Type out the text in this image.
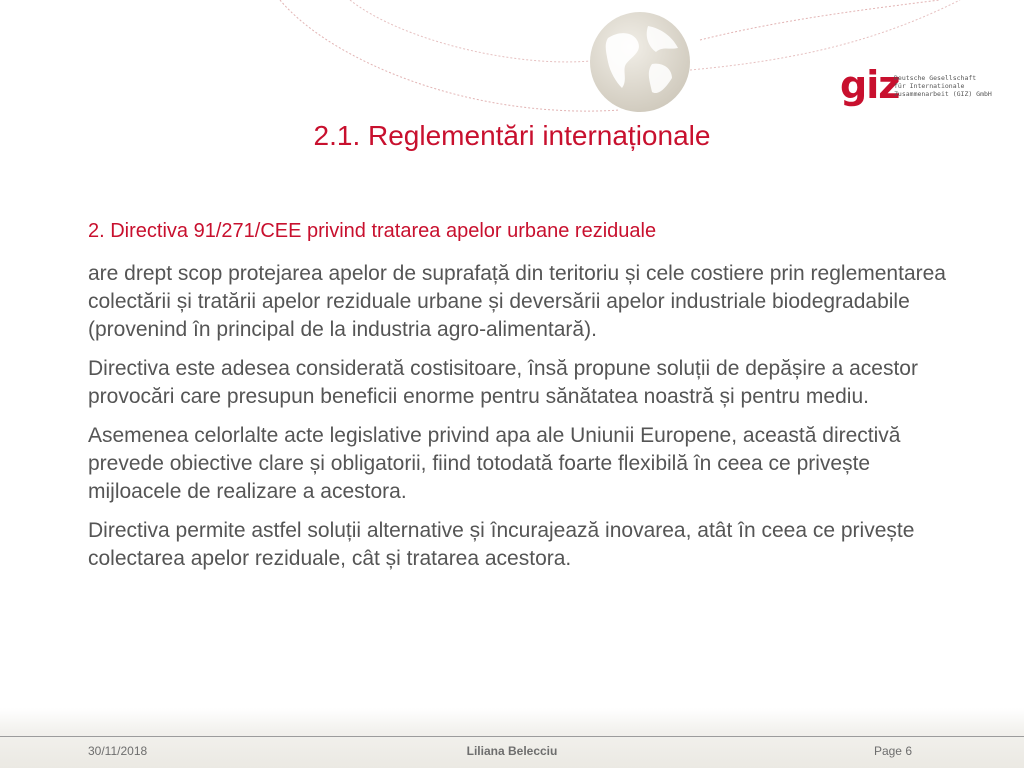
giz
Deutsche Gesellschaft
für Internationale
Zusammenarbeit (GIZ) GmbH
2.1. Reglementări internaționale

2. Directiva 91/271/CEE privind tratarea apelor urbane reziduale

are drept scop protejarea apelor de suprafață din teritoriu și cele costiere prin reglementarea colectării și tratării apelor reziduale urbane și deversării apelor industriale biodegradabile (provenind în principal de la industria agro-alimentară).

Directiva este adesea considerată costisitoare, însă propune soluții de depășire a acestor provocări care presupun beneficii enorme pentru sănătatea noastră și pentru mediu.

Asemenea celorlalte acte legislative privind apa ale Uniunii Europene, această directivă prevede obiective clare și obligatorii, fiind totodată foarte flexibilă în ceea ce privește mijloacele de realizare a acestora.

Directiva permite astfel soluții alternative și încurajează inovarea, atât în ceea ce privește colectarea apelor reziduale, cât și tratarea acestora.

30/11/2018	Liliana Belecciu	Page 6
